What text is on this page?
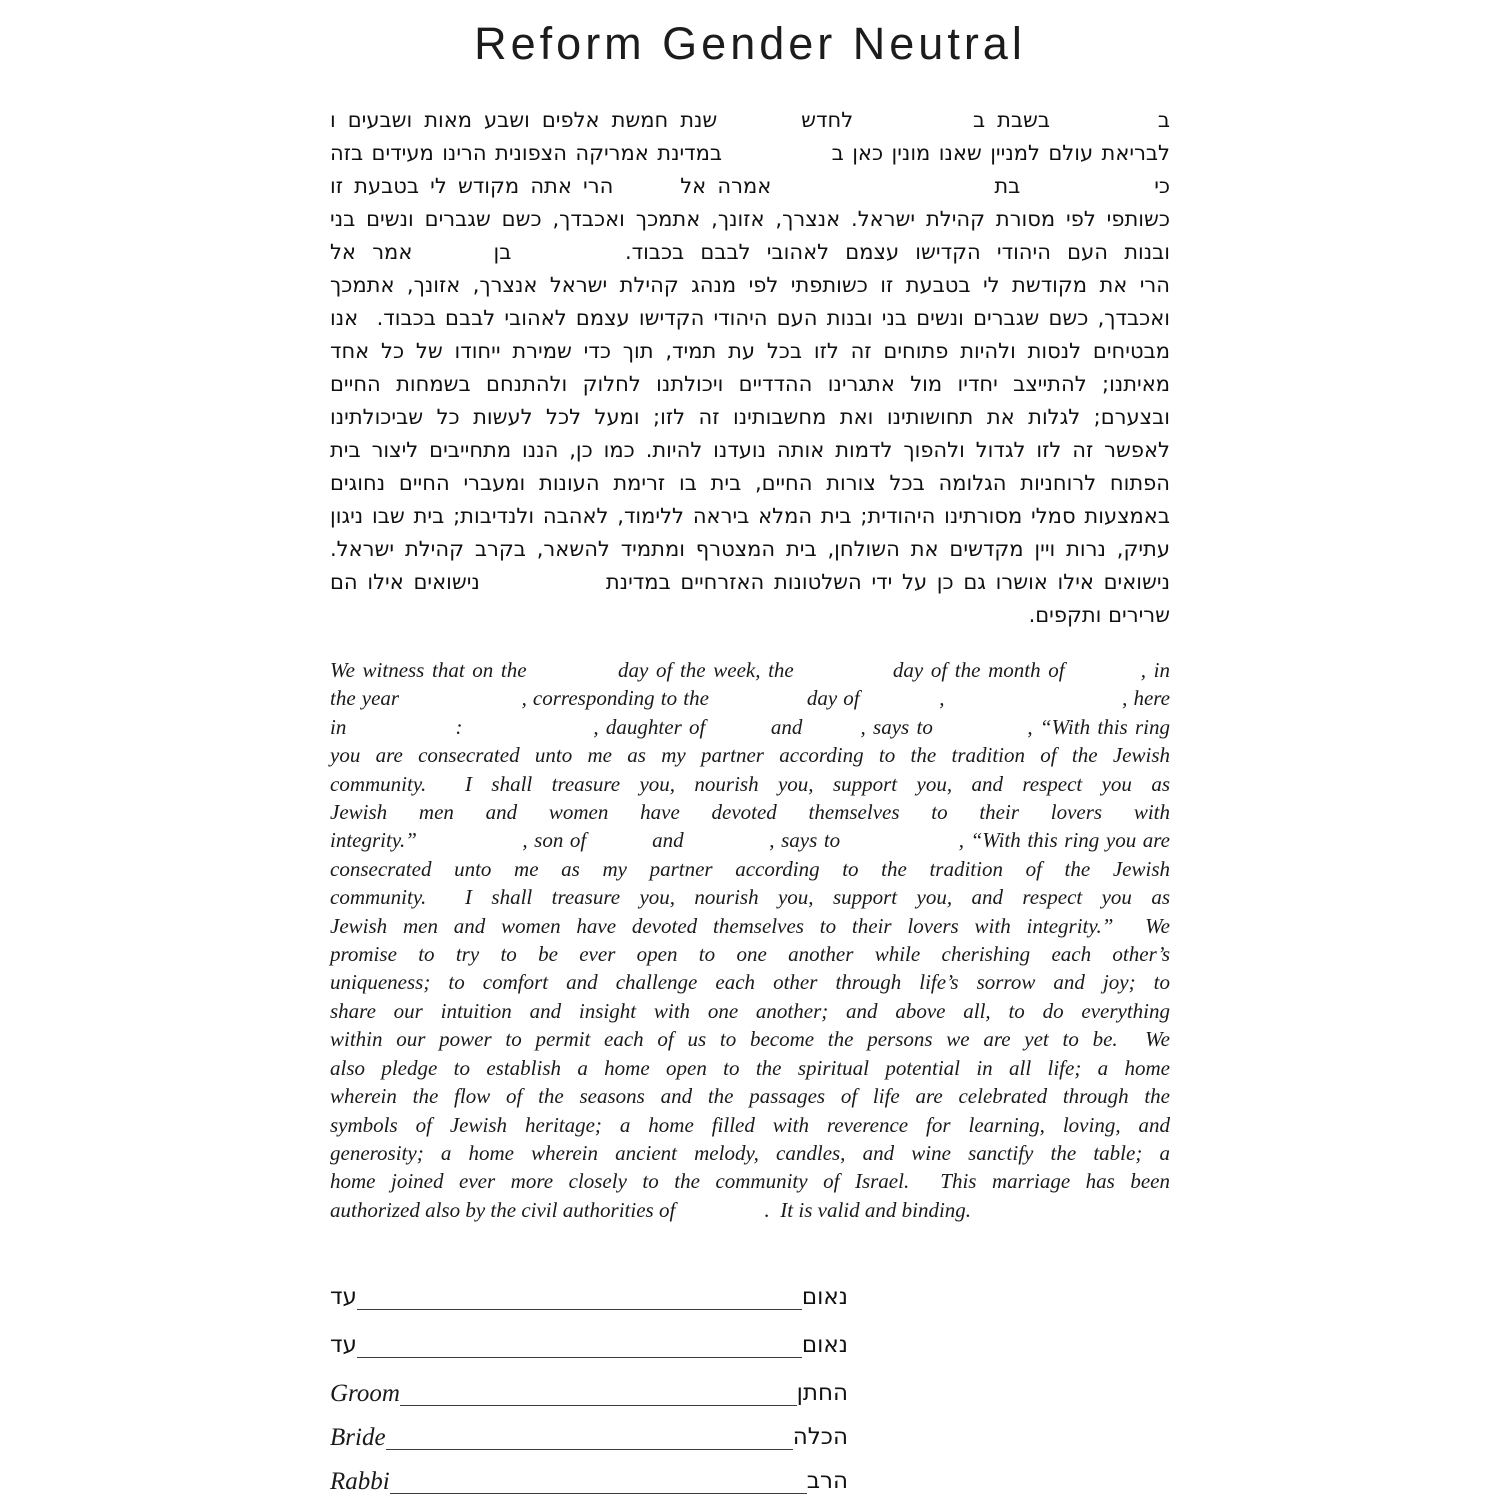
Reform Gender Neutral
ב         בשבת ב          לחדש       שנת חמשת אלפים ושבע מאות ושבעים ו
לבריאת עולם למניין שאנו מונין כאן ב             במדינת אמריקה הצפונית הרינו מעידים בזה
כי            בת                    אמרה אל      הרי אתה מקודש לי בטבעת זו
כשותפי לפי מסורת קהילת ישראל. אנצרך, אזונך, אתמכך ואכבדך, כשם שגברים ונשים בני
ובנות העם היהודי הקדישו עצמם לאהובי לבבם בכבוד.       בן     אמר אל
הרי את מקודשת לי בטבעת זו כשותפתי לפי מנהג קהילת ישראל אנצרך, אזונך, אתמכך
ואכבדך, כשם שגברים ונשים בני ובנות העם היהודי הקדישו עצמם לאהובי לבבם בכבוד.  אנו
מבטיחים לנסות ולהיות פתוחים זה לזו בכל עת תמיד, תוך כדי שמירת ייחודו של כל אחד
מאיתנו; להתייצב יחדיו מול אתגרינו ההדדיים ויכולתנו לחלוק ולהתנחם בשמחות החיים
ובצערם; לגלות את תחושותינו ואת מחשבותינו זה לזו; ומעל לכל לעשות כל שביכולתינו
לאפשר זה לזו לגדול ולהפוך לדמות אותה נועדנו להיות. כמו כן, הננו מתחייבים ליצור בית
הפתוח לרוחניות הגלומה בכל צורות החיים, בית בו זרימת העונות ומעברי החיים נחוגים
באמצעות סמלי מסורתינו היהודית; בית המלא ביראה ללימוד, לאהבה ולנדיבות; בית שבו ניגון
עתיק, נרות ויין מקדשים את השולחן, בית המצטרף ומתמיד להשאר, בקרב קהילת ישראל.
נישואים אילו אושרו גם כן על ידי השלטונות האזרחיים במדינת             נישואים אילו הם
שרירים ותקפים.
We witness that on the            day of the week, the             day of the month of          , in
the year                    , corresponding to the                day of             ,                             , here
in               :                  , daughter of         and        , says to             , “With this ring
you are consecrated unto me as my partner according to the tradition of the Jewish
community.  I shall treasure you, nourish you, support you, and respect you as
Jewish men and women have devoted themselves to their lovers with
integrity.”                , son of          and             , says to                  , “With this ring you are
consecrated unto me as my partner according to the tradition of the Jewish
community.  I shall treasure you, nourish you, support you, and respect you as
Jewish men and women have devoted themselves to their lovers with integrity.”  We
promise to try to be ever open to one another while cherishing each other’s
uniqueness; to comfort and challenge each other through life’s sorrow and joy; to
share our intuition and insight with one another; and above all, to do everything
within our power to permit each of us to become the persons we are yet to be.  We
also pledge to establish a home open to the spiritual potential in all life; a home
wherein the flow of the seasons and the passages of life are celebrated through the
symbols of Jewish heritage; a home filled with reverence for learning, loving, and
generosity; a home wherein ancient melody, candles, and wine sanctify the table; a
home joined ever more closely to the community of Israel.  This marriage has been
authorized also by the civil authorities of                 .  It is valid and binding.
עד	נאום
עד	נאום
Groom	החתן
Bride	הכלה
Rabbi	הרב
